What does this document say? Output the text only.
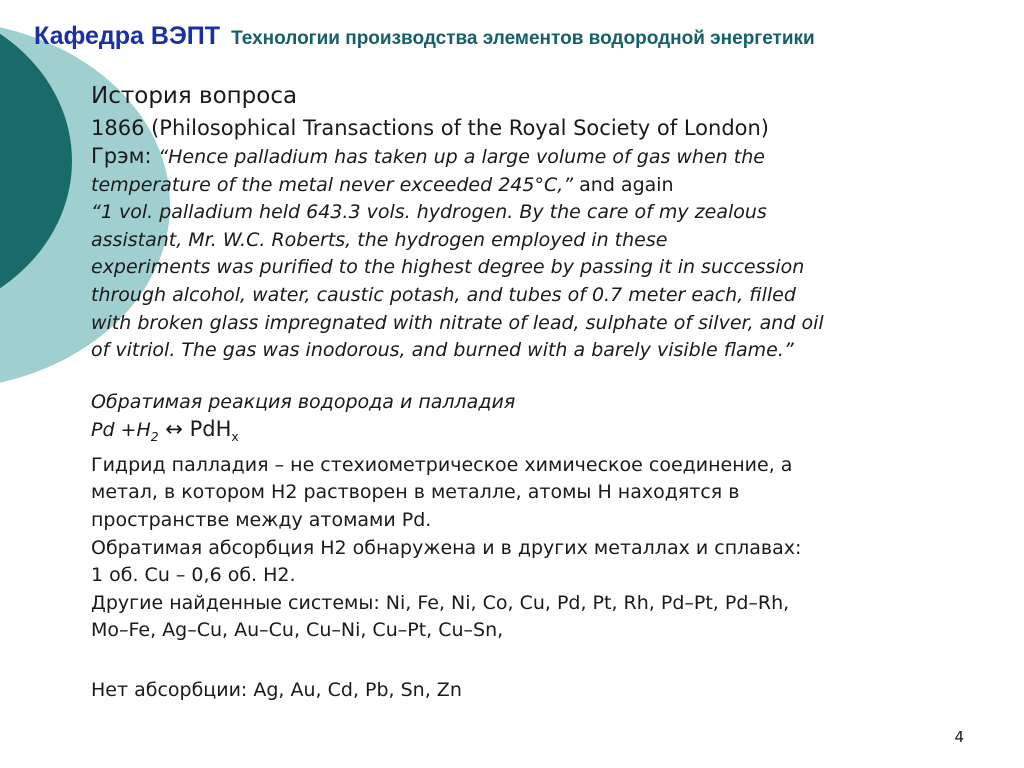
Кафедра ВЭПТ Технологии производства элементов водородной энергетики
История вопроса
1866 (Philosophical Transactions of the Royal Society of London)
Грэм: “Hence palladium has taken up a large volume of gas when the
temperature of the metal never exceeded 245°C,” and again
“1 vol. palladium held 643.3 vols. hydrogen. By the care of my zealous
assistant, Mr. W.C. Roberts, the hydrogen employed in these
experiments was purified to the highest degree by passing it in succession
through alcohol, water, caustic potash, and tubes of 0.7 meter each, filled
with broken glass impregnated with nitrate of lead, sulphate of silver, and oil
of vitriol. The gas was inodorous, and burned with a barely visible flame.”
Обратимая реакция водорода и палладия
$Pd +H_2$ ↔ PdH$_x$
Гидрид палладия – не стехиометрическое химическое соединение, а
метал, в котором H2 растворен в металле, атомы H находятся в
пространстве между атомами Pd.
Обратимая абсорбция H2 обнаружена и в других металлах и сплавах:
1 об. Cu – 0,6 об. H2.
Другие найденные системы: Ni, Fe, Ni, Co, Cu, Pd, Pt, Rh, Pd–Pt, Pd–Rh,
Mo–Fe, Ag–Cu, Au–Cu, Cu–Ni, Cu–Pt, Cu–Sn,
Нет абсорбции: Ag, Au, Cd, Pb, Sn, Zn
4
